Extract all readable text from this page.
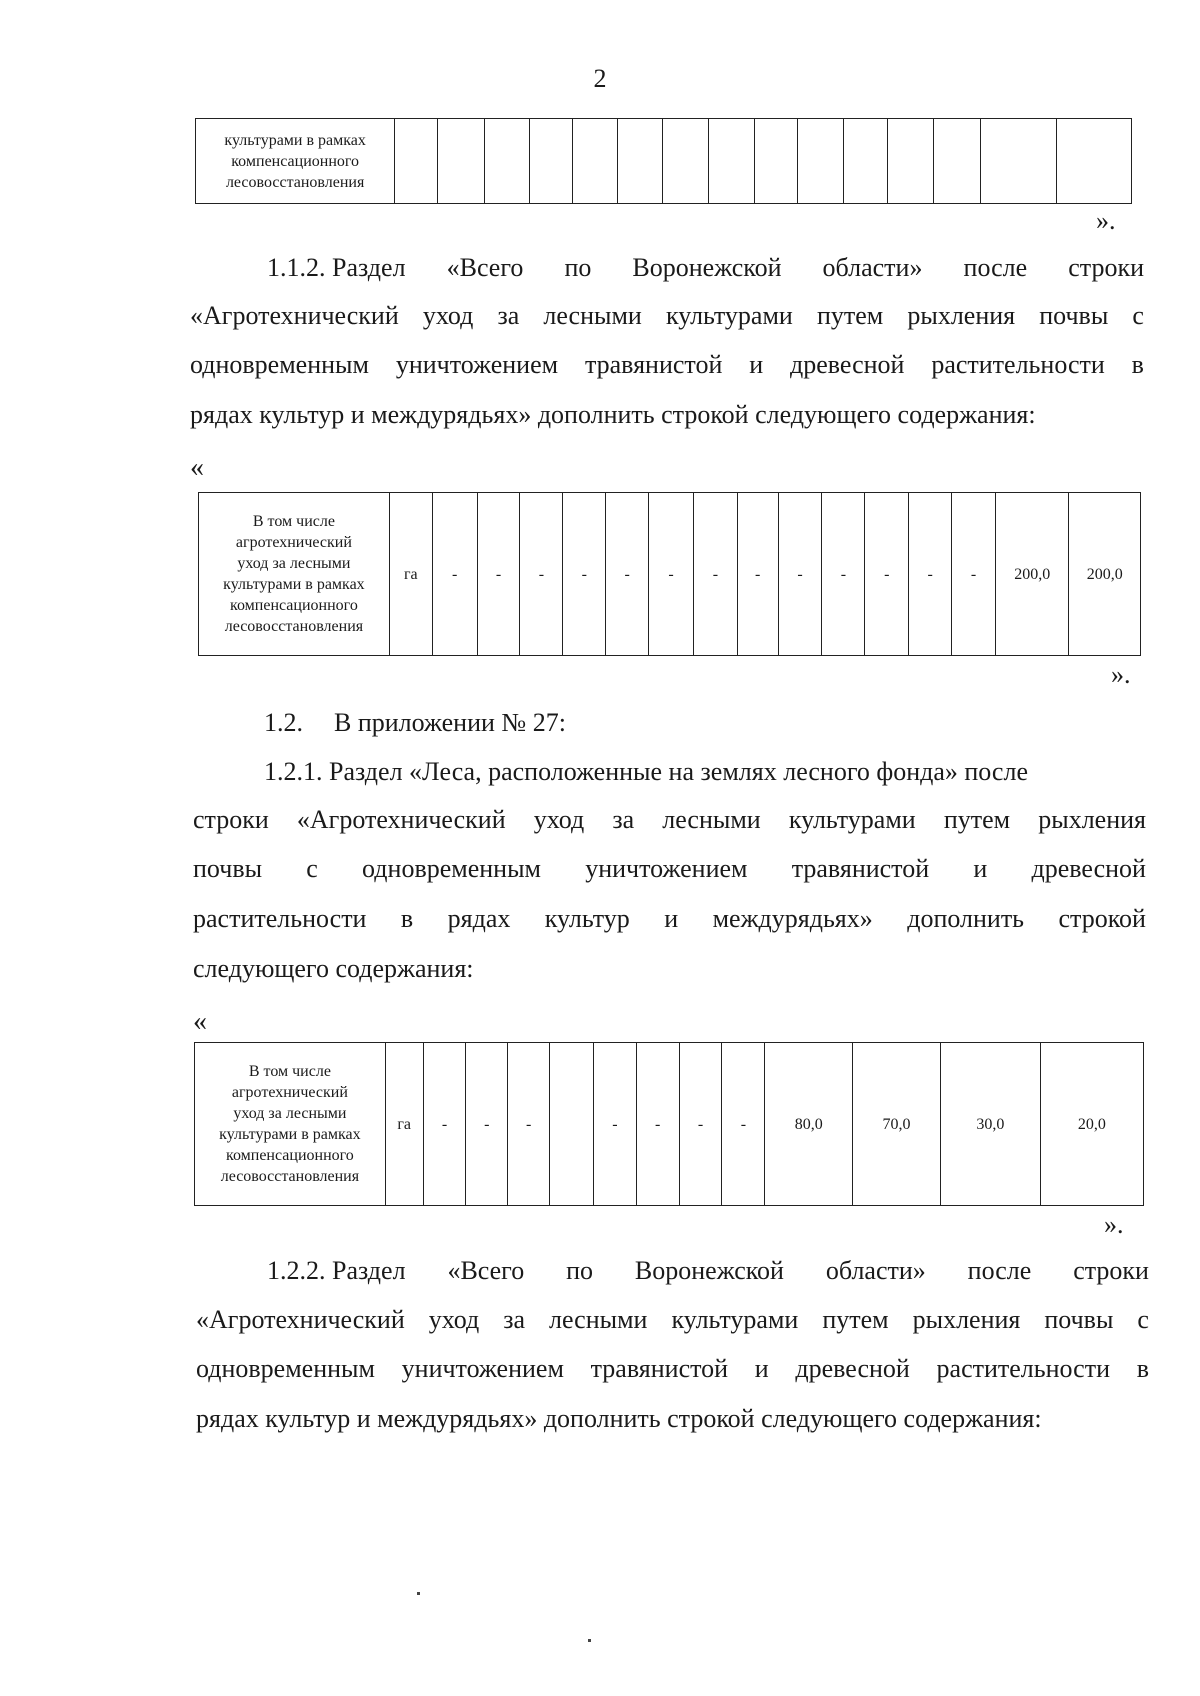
2
культурами в рамках
компенсационного
лесовосстановления

».
1.1.2. Раздел «Всего по Воронежской области» после строки
«Агротехнический уход за лесными культурами путем рыхления почвы с
одновременным уничтожением травянистой и древесной растительности в
рядах культур и междурядьях» дополнить строкой следующего содержания:
«
В том числе
агротехнический
уход за лесными
культурами в рамках
компенсационного
лесовосстановления
	га	-	-	-	-	-	-	-	-	-	-	-	-	-	200,0	200,0
».
1.2. В приложении № 27:
1.2.1. Раздел «Леса, расположенные на землях лесного фонда» после
строки «Агротехнический уход за лесными культурами путем рыхления
почвы с одновременным уничтожением травянистой и древесной
растительности в рядах культур и междурядьях» дополнить строкой
следующего содержания:
«
В том числе
агротехнический
уход за лесными
культурами в рамках
компенсационного
лесовосстановления
	га	-	-	-		-	-	-	-	80,0	70,0	30,0	20,0
».
1.2.2. Раздел «Всего по Воронежской области» после строки
«Агротехнический уход за лесными культурами путем рыхления почвы с
одновременным уничтожением травянистой и древесной растительности в
рядах культур и междурядьях» дополнить строкой следующего содержания:
